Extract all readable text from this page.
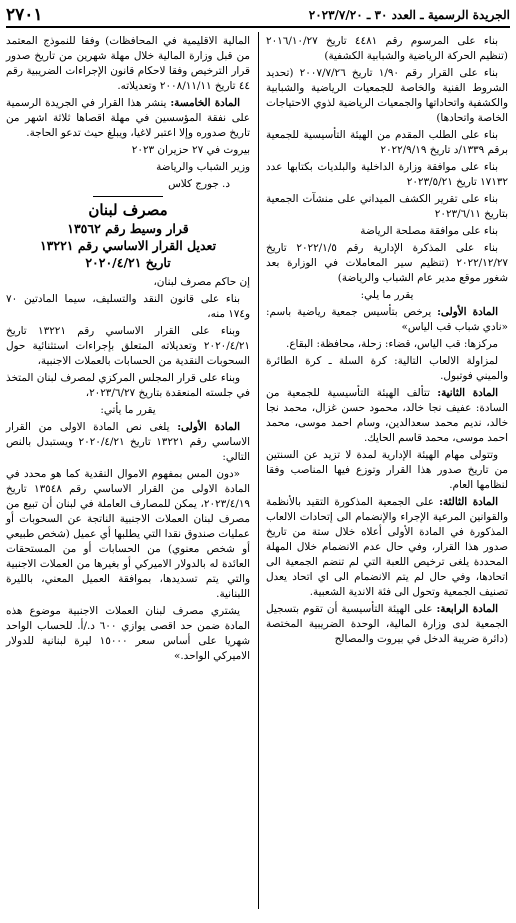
الجريدة الرسمية ـ العدد ٣٠ ـ ٢٠٢٣/٧/٢٠
٢٧٠١

بناء على المرسوم رقم ٤٤٨١ تاريخ ٢٠١٦/١٠/٢٧ (تنظيم الحركة الرياضية والشبابية الكشفية)

بناء على القرار رقم ١/٩٠ تاريخ ٢٠٠٧/٧/٢٦ (تحديد الشروط الفنية والخاصة للجمعيات الرياضية والشبابية والكشفية واتحاداتها والجمعيات الرياضية لذوي الاحتياجات الخاصة واتحادها)

بناء على الطلب المقدم من الهيئة التأسيسية للجمعية برقم ١٣٣٩/د تاريخ ٢٠٢٢/٩/١٩

بناء على موافقة وزارة الداخلية والبلديات بكتابها عدد ١٧١٣٢ تاريخ ٢٠٢٣/٥/٢١

بناء على تقرير الكشف الميداني على منشآت الجمعية بتاريخ ٢٠٢٣/٦/١١

بناء على موافقة مصلحة الرياضة

بناء على المذكرة الإدارية رقم ٢٠٢٢/١/٥ تاريخ ٢٠٢٢/١٢/٢٧ (تنظيم سير المعاملات في الوزارة بعد شغور موقع مدير عام الشباب والرياضة)

يقرر ما يلي:

المادة الأولى: يرخص بتأسيس جمعية رياضية باسم: «نادي شباب قب الياس»

مركزها: قب الياس، قضاء: زحلة، محافظة: البقاع.

لمزاولة الالعاب التالية: كرة السلة ـ كرة الطائرة والميني فوتبول.

المادة الثانية: تتألف الهيئة التأسيسية للجمعية من السادة: عفيف نجا خالد، محمود حسن غزال، محمد نجا خالد، نديم محمد سعدالدين، وسام احمد موسى، محمد احمد موسى، محمد قاسم الحايك.

وتتولى مهام الهيئة الإدارية لمدة لا تزيد عن السنتين من تاريخ صدور هذا القرار وتوزع فيها المناصب وفقا لنظامها العام.

المادة الثالثة: على الجمعية المذكورة التقيد بالأنظمة والقوانين المرعية الإجراء والإنضمام الى إتحادات الالعاب المذكورة في المادة الأولى أعلاه خلال ستة من تاريخ صدور هذا القرار، وفي حال عدم الانضمام خلال المهلة المحددة يلغى ترخيص اللعبة التي لم تنضم الجمعية الى اتحادها، وفي حال لم يتم الانضمام الى اي اتحاد يعدل تصنيف الجمعية وتحول الى فئة الاندية الشعبية.

المادة الرابعة: على الهيئة التأسيسية أن تقوم بتسجيل الجمعية لدى وزارة المالية، الوحدة الضريبية المختصة (دائرة ضريبة الدخل في بيروت والمصالح

المالية الاقليمية في المحافظات) وفقا للنموذج المعتمد من قبل وزارة المالية خلال مهلة شهرين من تاريخ صدور قرار الترخيص وفقا لاحكام قانون الإجراءات الضريبية رقم ٤٤ تاريخ ٢٠٠٨/١١/١١ وتعديلاته.

المادة الخامسة: ينشر هذا القرار في الجريدة الرسمية على نفقة المؤسسين في مهلة اقصاها ثلاثة اشهر من تاريخ صدوره وإلا اعتبر لاغيا، ويبلغ حيث تدعو الحاجة.

بيروت في ٢٧ حزيران ٢٠٢٣

وزير الشباب والرياضة

د. جورج كلاس

مصرف لبنان
قرار وسيط رقم ١٣٥٦٢
تعديل القرار الاساسي رقم ١٣٢٢١
تاريخ ٢٠٢٠/٤/٢١

إن حاكم مصرف لبنان،

بناء على قانون النقد والتسليف، سيما المادتين ٧٠ و١٧٤ منه،

وبناء على القرار الاساسي رقم ١٣٢٢١ تاريخ ٢٠٢٠/٤/٢١ وتعديلاته المتعلق بإجراءات استثنائية حول السحوبات النقدية من الحسابات بالعملات الاجنبية،

وبناء على قرار المجلس المركزي لمصرف لبنان المتخذ في جلسته المنعقدة بتاريخ ٢٠٢٣/٦/٢٧،

يقرر ما يأتي:

المادة الأولى: يلغى نص المادة الاولى من القرار الاساسي رقم ١٣٢٢١ تاريخ ٢٠٢٠/٤/٢١ ويستبدل بالنص التالي:

«دون المس بمفهوم الاموال النقدية كما هو محدد في المادة الاولى من القرار الاساسي رقم ١٣٥٤٨ تاريخ ٢٠٢٣/٤/١٩، يمكن للمصارف العاملة في لبنان أن تبيع من مصرف لبنان العملات الاجنبية الناتجة عن السحوبات أو عمليات صندوق نقدا التي يطلبها أي عميل (شخص طبيعي أو شخص معنوي) من الحسابات أو من المستحقات العائدة له بالدولار الاميركي أو بغيرها من العملات الاجنبية والتي يتم تسديدها، بموافقة العميل المعني، بالليرة اللبنانية.

يشتري مصرف لبنان العملات الاجنبية موضوع هذه المادة ضمن حد اقصى يوازي ٦٠٠ د./أ. للحساب الواحد شهريا على أساس سعر ١٥٠٠٠ ليرة لبنانية للدولار الاميركي الواحد.»
